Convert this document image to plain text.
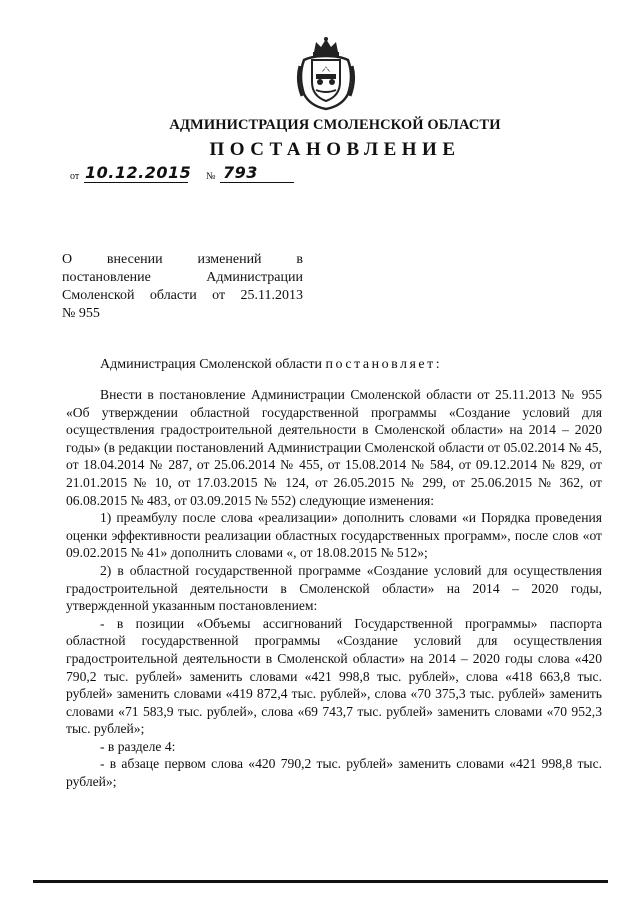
АДМИНИСТРАЦИЯ СМОЛЕНСКОЙ ОБЛАСТИ
ПОСТАНОВЛЕНИЕ
от 10.12.2015 № 793
О внесении изменений в
постановление	Администрации
Смоленской области от 25.11.2013
№ 955
Администрация Смоленской области постановляет:

Внести в постановление Администрации Смоленской области от 25.11.2013 № 955 «Об утверждении областной государственной программы «Создание условий для осуществления градостроительной деятельности в Смоленской области» на 2014 – 2020 годы» (в редакции постановлений Администрации Смоленской области от 05.02.2014 № 45, от 18.04.2014 № 287, от 25.06.2014 № 455, от 15.08.2014 № 584, от 09.12.2014 № 829, от 21.01.2015 № 10, от 17.03.2015 № 124, от 26.05.2015 № 299, от 25.06.2015 № 362, от 06.08.2015 № 483, от 03.09.2015 № 552) следующие изменения:

1) преамбулу после слова «реализации» дополнить словами «и Порядка проведения оценки эффективности реализации областных государственных программ», после слов «от 09.02.2015 № 41» дополнить словами «, от 18.08.2015 № 512»;

2) в областной государственной программе «Создание условий для осуществления градостроительной деятельности в Смоленской области» на 2014 – 2020 годы, утвержденной указанным постановлением:

- в позиции «Объемы ассигнований Государственной программы» паспорта областной государственной программы «Создание условий для осуществления градостроительной деятельности в Смоленской области» на 2014 – 2020 годы слова «420 790,2 тыс. рублей» заменить словами «421 998,8 тыс. рублей», слова «418 663,8 тыс. рублей» заменить словами «419 872,4 тыс. рублей», слова «70 375,3 тыс. рублей» заменить словами «71 583,9 тыс. рублей», слова «69 743,7 тыс. рублей» заменить словами «70 952,3 тыс. рублей»;

- в разделе 4:

- в абзаце первом слова «420 790,2 тыс. рублей» заменить словами «421 998,8 тыс. рублей»;
